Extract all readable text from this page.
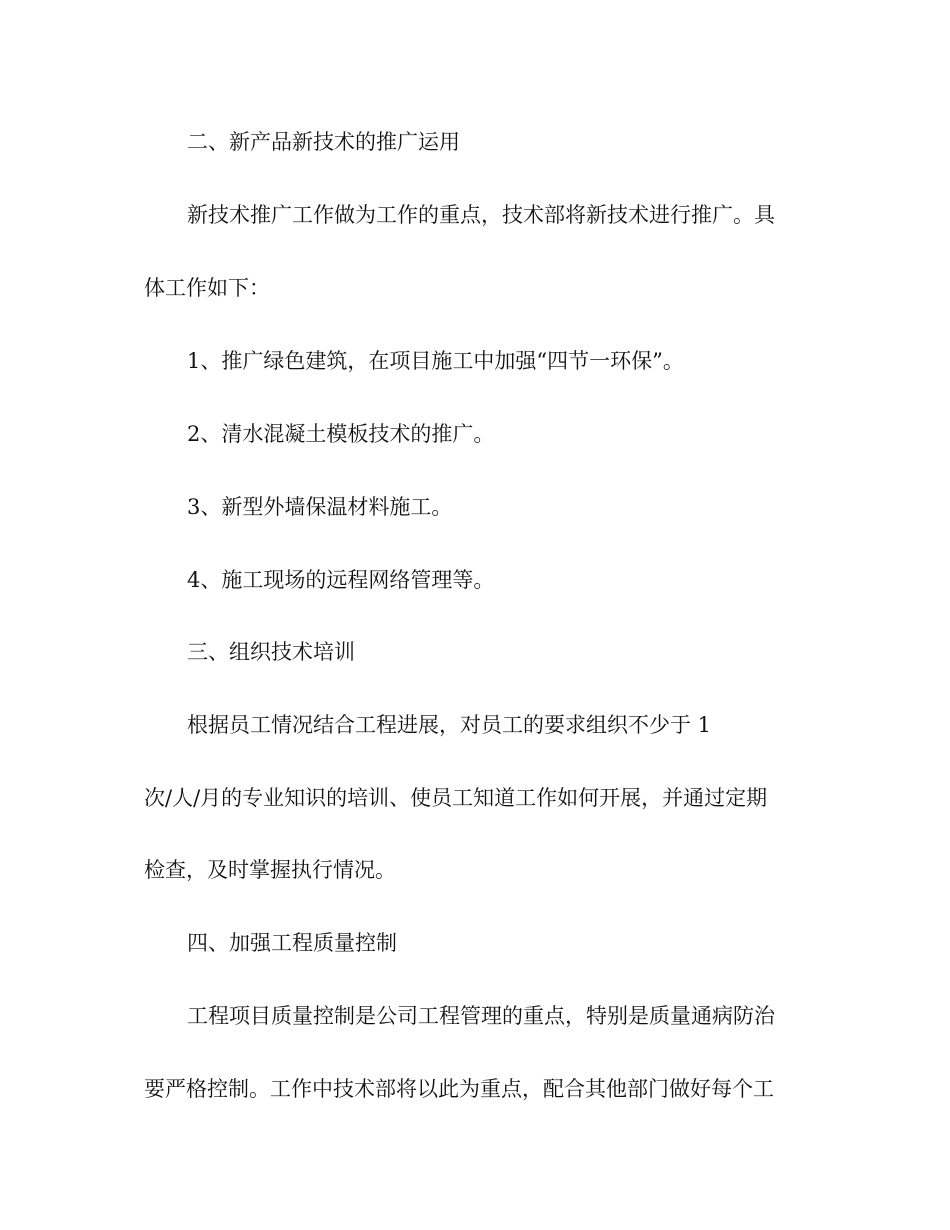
二、新产品新技术的推广运用

新技术推广工作做为工作的重点，技术部将新技术进行推广。具

体工作如下：

1、推广绿色建筑，在项目施工中加强“四节一环保”。

2、清水混凝土模板技术的推广。

3、新型外墙保温材料施工。

4、施工现场的远程网络管理等。

三、组织技术培训

根据员工情况结合工程进展，对员工的要求组织不少于 1

次/人/月的专业知识的培训、使员工知道工作如何开展，并通过定期

检查，及时掌握执行情况。

四、加强工程质量控制

工程项目质量控制是公司工程管理的重点，特别是质量通病防治

要严格控制。工作中技术部将以此为重点，配合其他部门做好每个工
